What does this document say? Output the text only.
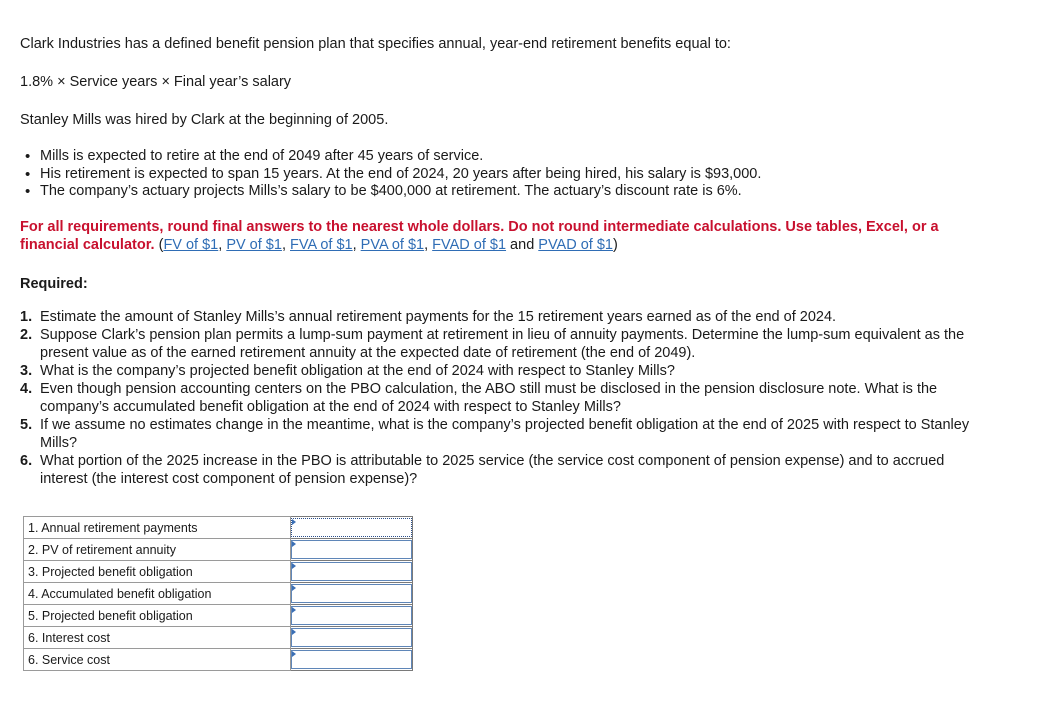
Clark Industries has a defined benefit pension plan that specifies annual, year-end retirement benefits equal to:

1.8% × Service years × Final year’s salary

Stanley Mills was hired by Clark at the beginning of 2005.

• Mills is expected to retire at the end of 2049 after 45 years of service.
• His retirement is expected to span 15 years. At the end of 2024, 20 years after being hired, his salary is $93,000.
• The company’s actuary projects Mills’s salary to be $400,000 at retirement. The actuary’s discount rate is 6%.

For all requirements, round final answers to the nearest whole dollars. Do not round intermediate calculations. Use tables, Excel, or a financial calculator. (FV of $1, PV of $1, FVA of $1, PVA of $1, FVAD of $1 and PVAD of $1)

Required:

1. Estimate the amount of Stanley Mills’s annual retirement payments for the 15 retirement years earned as of the end of 2024.
2. Suppose Clark’s pension plan permits a lump-sum payment at retirement in lieu of annuity payments. Determine the lump-sum equivalent as the present value as of the earned retirement annuity at the expected date of retirement (the end of 2049).
3. What is the company’s projected benefit obligation at the end of 2024 with respect to Stanley Mills?
4. Even though pension accounting centers on the PBO calculation, the ABO still must be disclosed in the pension disclosure note. What is the company’s accumulated benefit obligation at the end of 2024 with respect to Stanley Mills?
5. If we assume no estimates change in the meantime, what is the company’s projected benefit obligation at the end of 2025 with respect to Stanley Mills?
6. What portion of the 2025 increase in the PBO is attributable to 2025 service (the service cost component of pension expense) and to accrued interest (the interest cost component of pension expense)?
1. Annual retirement payments	

2. PV of retirement annuity	

3. Projected benefit obligation	

4. Accumulated benefit obligation	

5. Projected benefit obligation	

6. Interest cost	

6. Service cost	
